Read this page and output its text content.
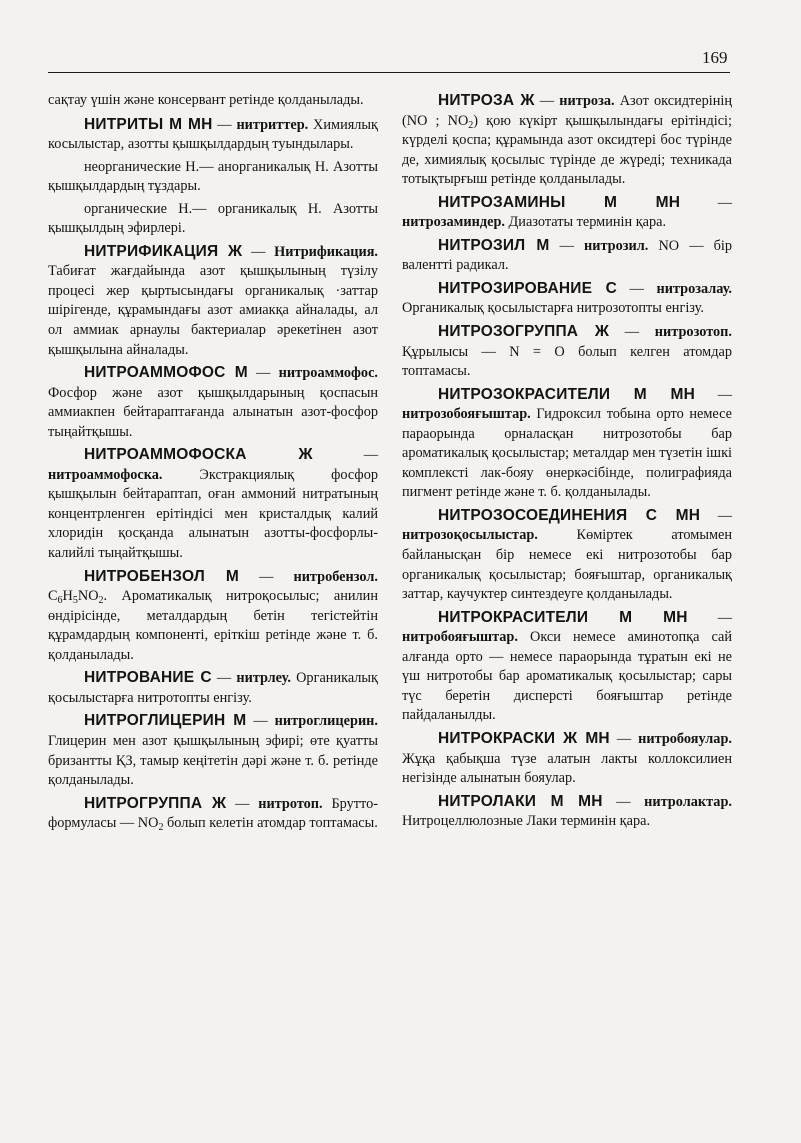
169

сақтау үшін және консервант ретінде қолданылады.

НИТРИТЫ М МН — нитриттер. Химиялық косылыстар, азотты қышқылдардың туындылары.

неорганические Н.— анорганикалық Н. Азотты қышқылдардың тұздары.

органические Н.— органикалық Н. Азотты қышқылдың эфирлері.

НИТРИФИКАЦИЯ Ж — Нитрификация. Табиғат жағдайында азот қышқылының түзілу процесі жер қыртысындағы органикалық ·заттар шірігенде, құрамындағы азот амиакқа айналады, ал ол аммиак арнаулы бактериалар әрекетінен азот қышқылына айналады.

НИТРОАММОФОС М — нитроаммофос. Фосфор және азот қышқылдарының қоспасын аммиакпен бейтараптағанда алынатын азот-фосфор тыңайтқышы.

НИТРОАММОФОСКА Ж — нитроаммофоска. Экстракциялық фосфор қышқылын бейтараптап, оған аммоний нитратының концентрленген ерітіндісі мен кристалдық калий хлоридін қосқанда алынатын азотты-фосфорлы-калийлі тыңайтқышы.

НИТРОБЕНЗОЛ М — нитробензол. $C_6H_5NO_2$. Ароматикалық нитроқосылыс; анилин өндірісінде, металдардың бетін тегістейтін құрамдардың компоненті, еріткіш ретінде және т. б. қолданылады.

НИТРОВАНИЕ С — нитрлеу. Органикалық қосылыстарға нитротопты енгізу.

НИТРОГЛИЦЕРИН М — нитроглицерин. Глицерин мен азот қышқылының эфирі; өте қуатты бризантты ҚЗ, тамыр кеңітетін дәрі және т. б. ретінде қолданылады.

НИТРОГРУППА Ж — нитротоп. Брутто-формуласы — $NO_2$ болып келетін атомдар топтамасы.

НИТРОЗА Ж — нитроза. Азот оксидтерінің (NO ; $NO_2$) қою күкірт қышқылындағы ерітіндісі; күрделі қоспа; құрамында азот оксидтері бос түрінде де, химиялық қосылыс түрінде де жүреді; техникада тотықтырғыш ретінде қолданылады.

НИТРОЗАМИНЫ М МН — нитрозаминдер. Диазотаты терминін қара.

НИТРОЗИЛ М — нитрозил. NO — бір валентті радикал.

НИТРОЗИРОВАНИЕ С — нитрозалау. Органикалық қосылыстарға нитрозотопты енгізу.

НИТРОЗОГРУППА Ж — нитрозотоп. Құрылысы — N = O болып келген атомдар топтамасы.

НИТРОЗОКРАСИТЕЛИ М МН — нитрозобояғыштар. Гидроксил тобына орто немесе параорында орналасқан нитрозотобы бар ароматикалық қосылыстар; металдар мен түзетін ішкі комплексті лак-бояу өнеркәсібінде, полиграфияда пигмент ретінде және т. б. қолданылады.

НИТРОЗОСОЕДИНЕНИЯ С МН — нитрозоқосылыстар. Көміртек атомымен байланысқан бір немесе екі нитрозотобы бар органикалық қосылыстар; бояғыштар, органикалық заттар, каучуктер синтездеуге қолданылады.

НИТРОКРАСИТЕЛИ М МН — нитробояғыштар. Окси немесе аминотопқа сай алғанда орто — немесе параорында тұратын екі не үш нитротобы бар ароматикалық қосылыстар; сары түс беретін дисперсті бояғыштар ретінде пайдаланылды.

НИТРОКРАСКИ Ж МН — нитробояулар. Жұқа қабықша түзе алатын лакты коллоксилиен негізінде алынатын бояулар.

НИТРОЛАКИ М МН — нитролактар. Нитроцеллюлозные Лаки терминін қара.
